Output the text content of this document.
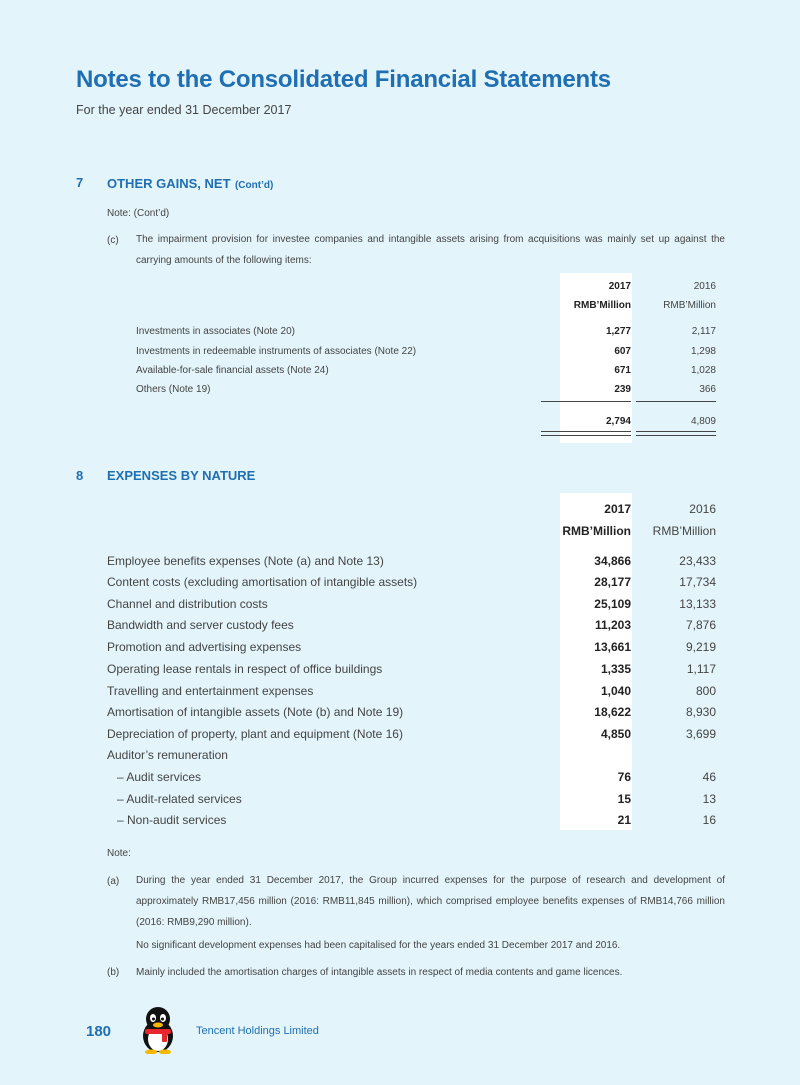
Notes to the Consolidated Financial Statements
For the year ended 31 December 2017
7 OTHER GAINS, NET (Cont’d)
Note: (Cont’d)
(c) The impairment provision for investee companies and intangible assets arising from acquisitions was mainly set up against the carrying amounts of the following items:
2017	2016
RMB’Million	RMB’Million
Investments in associates (Note 20)	1,277	2,117
Investments in redeemable instruments of associates (Note 22)	607	1,298
Available-for-sale financial assets (Note 24)	671	1,028
Others (Note 19)	239	366
2,794	4,809
8 EXPENSES BY NATURE
2017	2016
RMB’Million RMB’Million
Employee benefits expenses (Note (a) and Note 13)	34,866	23,433
Content costs (excluding amortisation of intangible assets)	28,177	17,734
Channel and distribution costs	25,109	13,133
Bandwidth and server custody fees	11,203	7,876
Promotion and advertising expenses	13,661	9,219
Operating lease rentals in respect of office buildings	1,335	1,117
Travelling and entertainment expenses	1,040	800
Amortisation of intangible assets (Note (b) and Note 19)	18,622	8,930
Depreciation of property, plant and equipment (Note 16)	4,850	3,699
Auditor’s remuneration
– Audit services	76	46
– Audit-related services	15	13
– Non-audit services	21	16
Note:
(a) During the year ended 31 December 2017, the Group incurred expenses for the purpose of research and development of approximately RMB17,456 million (2016: RMB11,845 million), which comprised employee benefits expenses of RMB14,766 million (2016: RMB9,290 million).
No significant development expenses had been capitalised for the years ended 31 December 2017 and 2016.
(b) Mainly included the amortisation charges of intangible assets in respect of media contents and game licences.
180	Tencent Holdings Limited
